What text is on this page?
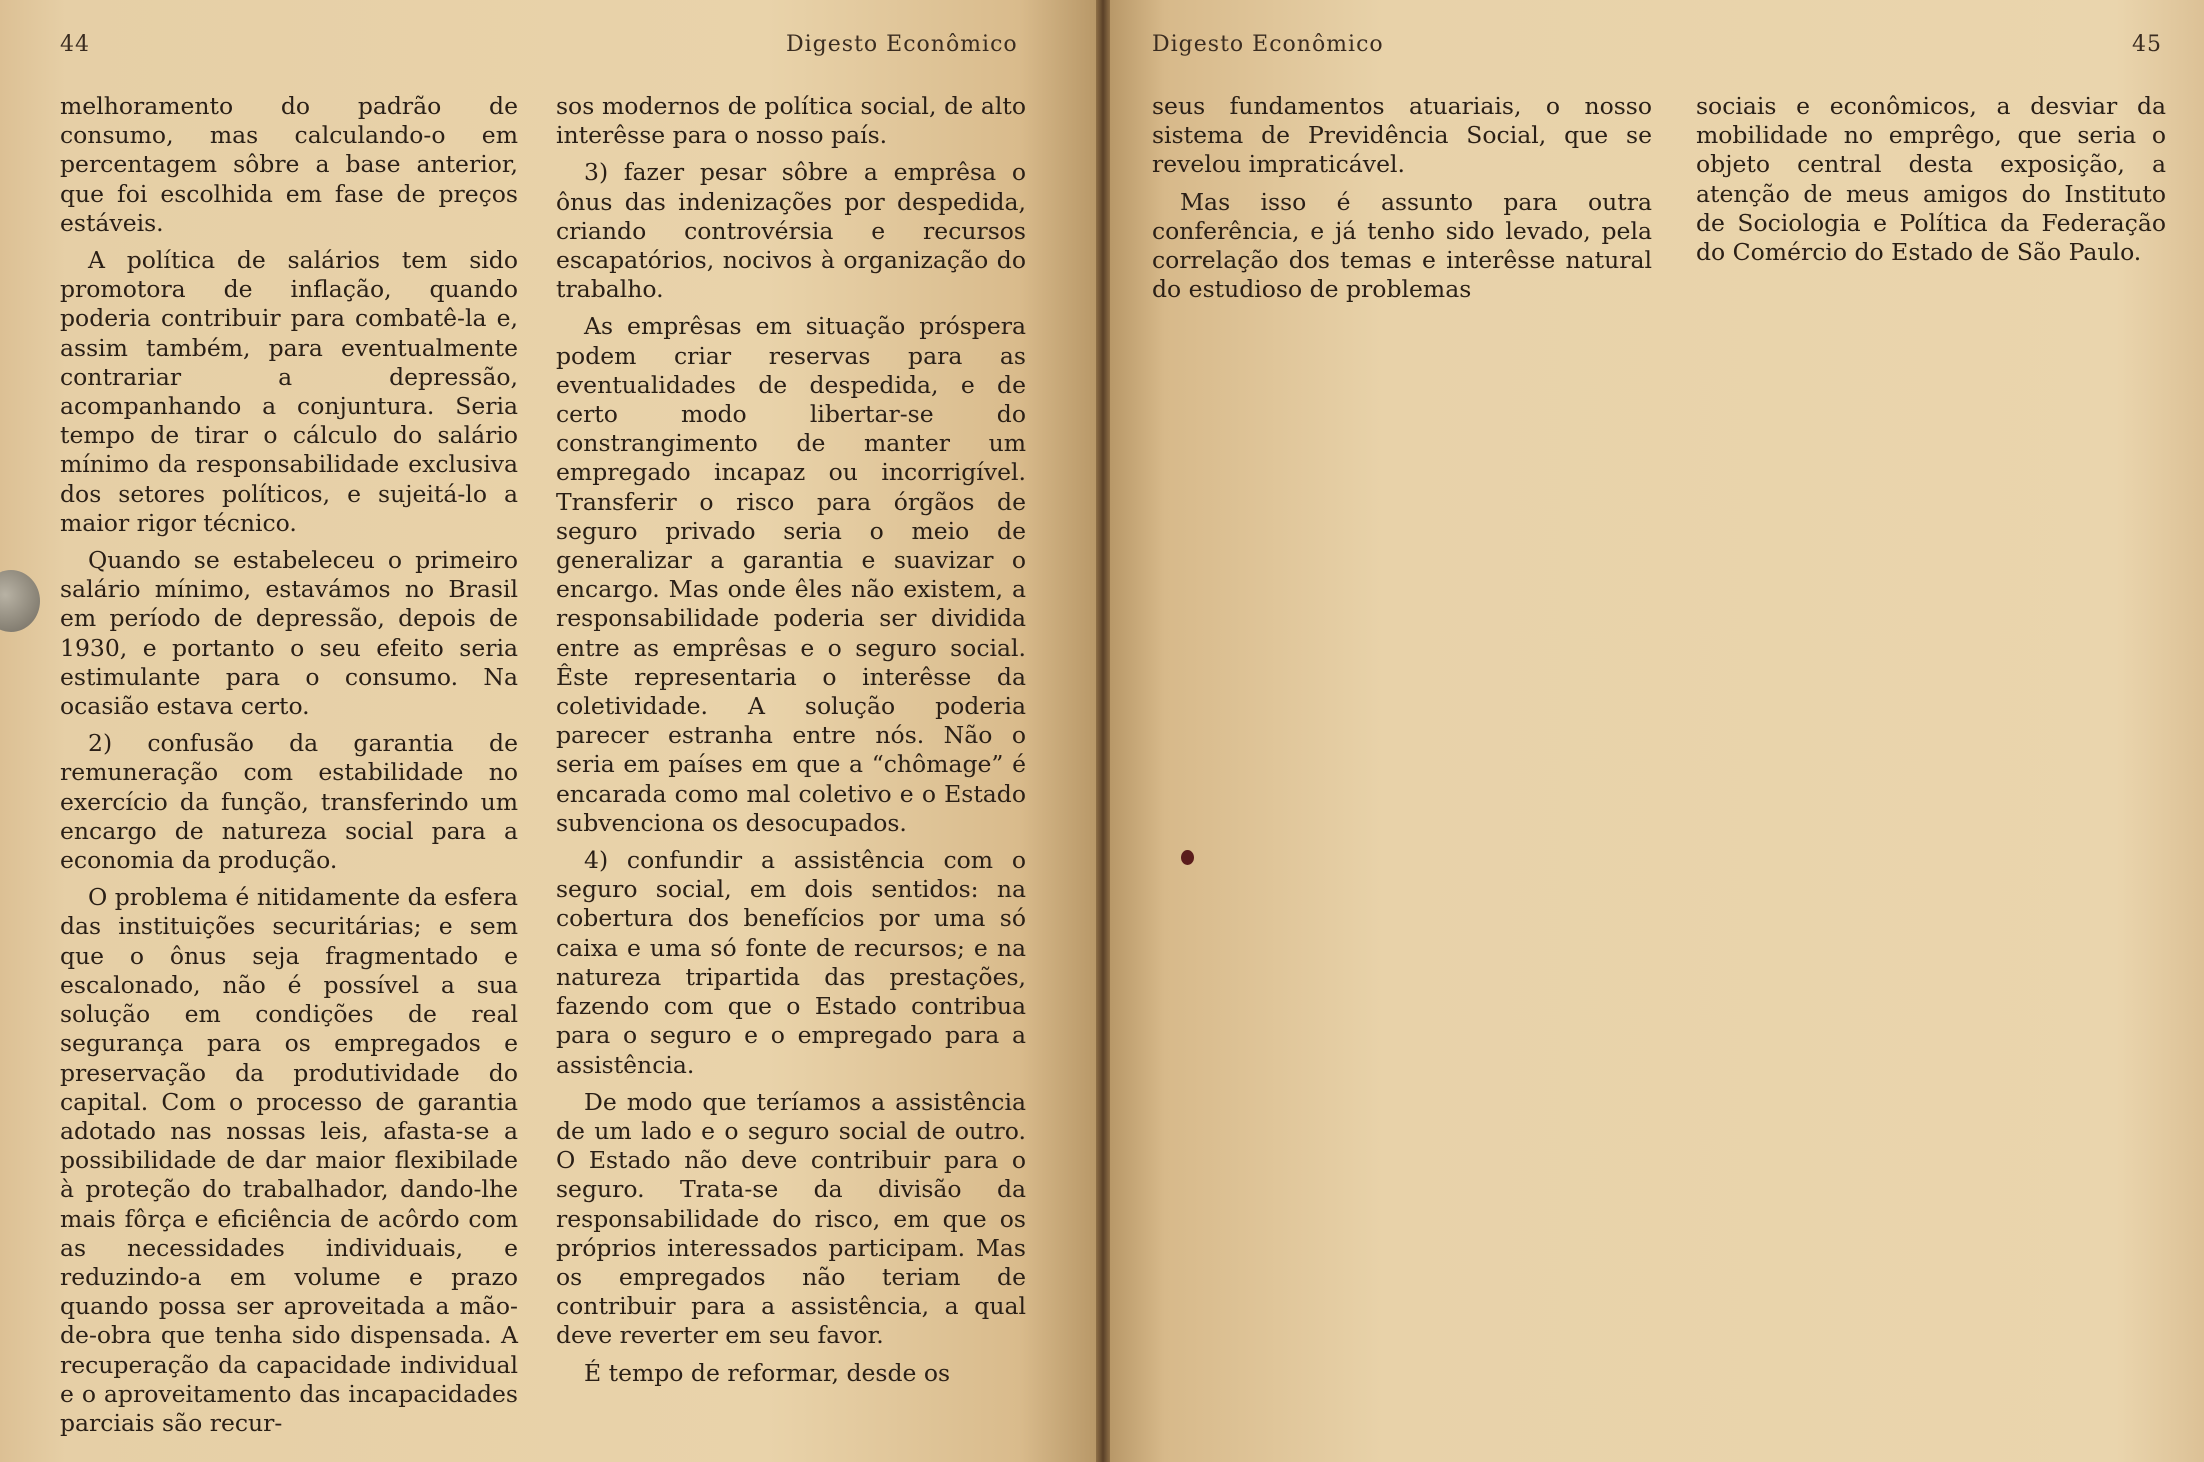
44	Digesto Econômico

melhoramento do padrão de consumo, mas calculando-o em percentagem sôbre a base anterior, que foi escolhida em fase de preços estáveis.

A política de salários tem sido promotora de inflação, quando poderia contribuir para combatê-la e, assim também, para eventualmente contrariar a depressão, acompanhando a conjuntura. Seria tempo de tirar o cálculo do salário mínimo da responsabilidade exclusiva dos setores políticos, e sujeitá-lo a maior rigor técnico.

Quando se estabeleceu o primeiro salário mínimo, estavámos no Brasil em período de depressão, depois de 1930, e portanto o seu efeito seria estimulante para o consumo. Na ocasião estava certo.

2) confusão da garantia de remuneração com estabilidade no exercício da função, transferindo um encargo de natureza social para a economia da produção.

O problema é nitidamente da esfera das instituições securitárias; e sem que o ônus seja fragmentado e escalonado, não é possível a sua solução em condições de real segurança para os empregados e preservação da produtividade do capital. Com o processo de garantia adotado nas nossas leis, afasta-se a possibilidade de dar maior flexibilade à proteção do trabalhador, dando-lhe mais fôrça e eficiência de acôrdo com as necessidades individuais, e reduzindo-a em volume e prazo quando possa ser aproveitada a mão-de-obra que tenha sido dispensada. A recuperação da capacidade individual e o aproveitamento das incapacidades parciais são recur-

sos modernos de política social, de alto interêsse para o nosso país.

3) fazer pesar sôbre a emprêsa o ônus das indenizações por despedida, criando controvérsia e recursos escapatórios, nocivos à organização do trabalho.

As emprêsas em situação próspera podem criar reservas para as eventualidades de despedida, e de certo modo libertar-se do constrangimento de manter um empregado incapaz ou incorrigível. Transferir o risco para órgãos de seguro privado seria o meio de generalizar a garantia e suavizar o encargo. Mas onde êles não existem, a responsabilidade poderia ser dividida entre as emprêsas e o seguro social. Êste representaria o interêsse da coletividade. A solução poderia parecer estranha entre nós. Não o seria em países em que a “chômage” é encarada como mal coletivo e o Estado subvenciona os desocupados.

4) confundir a assistência com o seguro social, em dois sentidos: na cobertura dos benefícios por uma só caixa e uma só fonte de recursos; e na natureza tripartida das prestações, fazendo com que o Estado contribua para o seguro e o empregado para a assistência.

De modo que teríamos a assistência de um lado e o seguro social de outro. O Estado não deve contribuir para o seguro. Trata-se da divisão da responsabilidade do risco, em que os próprios interessados participam. Mas os empregados não teriam de contribuir para a assistência, a qual deve reverter em seu favor.

É tempo de reformar, desde os

Digesto Econômico	45

seus fundamentos atuariais, o nosso sistema de Previdência Social, que se revelou impraticável.

Mas isso é assunto para outra conferência, e já tenho sido levado, pela correlação dos temas e interêsse natural do estudioso de problemas

sociais e econômicos, a desviar da mobilidade no emprêgo, que seria o objeto central desta exposição, a atenção de meus amigos do Instituto de Sociologia e Política da Federação do Comércio do Estado de São Paulo.
